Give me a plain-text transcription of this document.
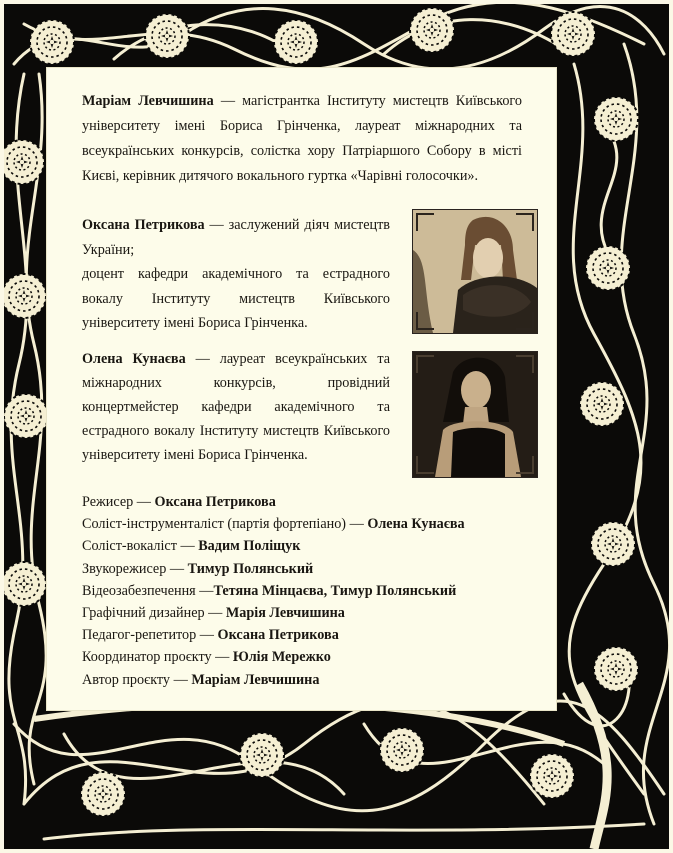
Маріам Левчишина — магістрантка Інституту мистецтв Київського університету імені Бориса Грінченка, лауреат міжнародних та всеукраїнських конкурсів, солістка хору Патріаршого Собору в місті Києві, керівник дитячого вокального гуртка «Чарівні голосочки».

Оксана Петрикова — заслужений діяч мистецтв України;
доцент кафедри академічного та естрадного вокалу Інституту мистецтв Київського університету імені Бориса Грінченка.
Олена Кунаєва — лауреат всеукраїнських та міжнародних конкурсів, провідний концертмейстер кафедри академічного та естрадного вокалу Інституту мистецтв Київського університету імені Бориса Грінченка.
Режисер — Оксана Петрикова
Соліст-інструменталіст (партія фортепіано) — Олена Кунаєва
Соліст-вокаліст — Вадим Поліщук
Звукорежисер — Тимур Полянський
Відеозабезпечення —Тетяна Мінцаєва, Тимур Полянський
Графічний дизайнер — Марія Левчишина
Педагог-репетитор — Оксана Петрикова
Координатор проєкту — Юлія Мережко
Автор проєкту — Маріам Левчишина
